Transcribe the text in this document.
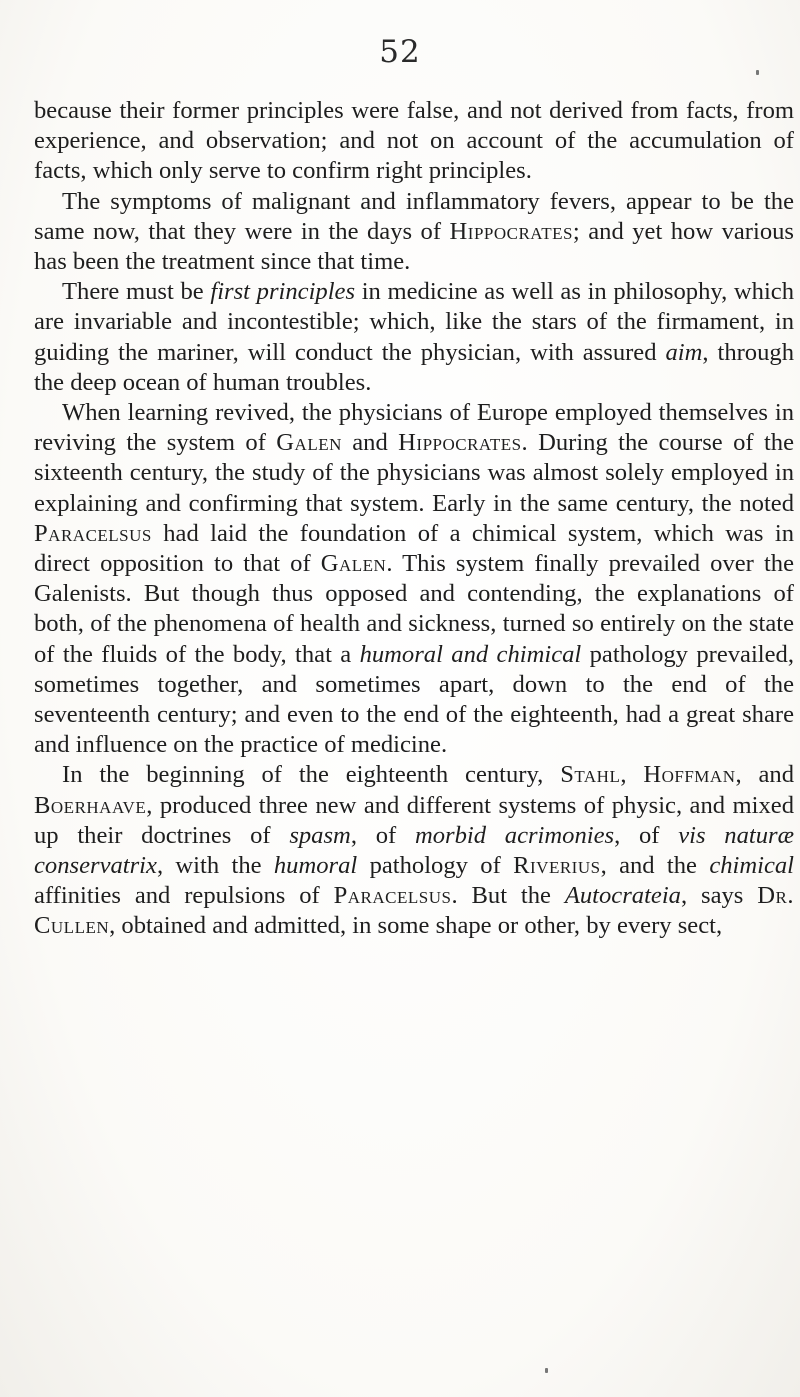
52

because their former principles were false, and not derived from facts, from experience, and observation; and not on account of the accumulation of facts, which only serve to confirm right principles.

The symptoms of malignant and inflammatory fevers, appear to be the same now, that they were in the days of Hippocrates; and yet how various has been the treatment since that time.

There must be first principles in medicine as well as in philosophy, which are invariable and incontestible; which, like the stars of the firmament, in guiding the mariner, will conduct the physician, with assured aim, through the deep ocean of human troubles.

When learning revived, the physicians of Europe employed themselves in reviving the system of Galen and Hippocrates. During the course of the sixteenth century, the study of the physicians was almost solely employed in explaining and confirming that system. Early in the same century, the noted Paracelsus had laid the foundation of a chimical system, which was in direct opposition to that of Galen. This system finally prevailed over the Galenists. But though thus opposed and contending, the explanations of both, of the phenomena of health and sickness, turned so entirely on the state of the fluids of the body, that a humoral and chimical pathology prevailed, sometimes together, and sometimes apart, down to the end of the seventeenth century; and even to the end of the eighteenth, had a great share and influence on the practice of medicine.

In the beginning of the eighteenth century, Stahl, Hoffman, and Boerhaave, produced three new and different systems of physic, and mixed up their doctrines of spasm, of morbid acrimonies, of vis naturæ conservatrix, with the humoral pathology of Riverius, and the chimical affinities and repulsions of Paracelsus. But the Autocrateia, says Dr. Cullen, obtained and admitted, in some shape or other, by every sect,
